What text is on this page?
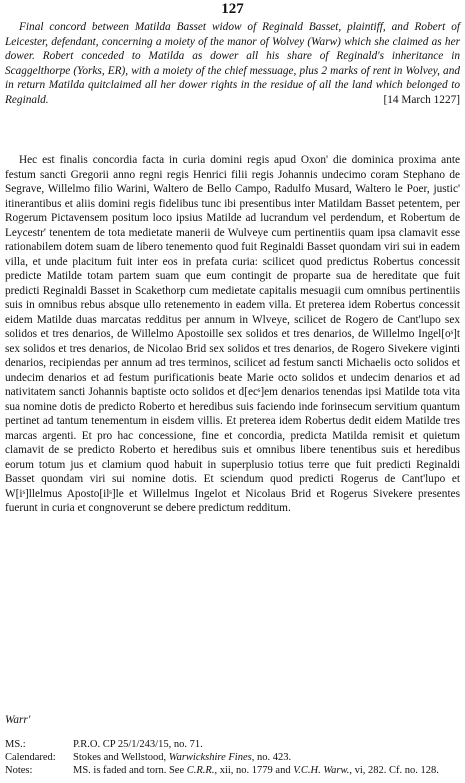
127

Final concord between Matilda Basset widow of Reginald Basset, plaintiff, and Robert of Leicester, defendant, concerning a moiety of the manor of Wolvey (Warw) which she claimed as her dower. Robert conceded to Matilda as dower all his share of Reginald's inheritance in Scaggelthorpe (Yorks, ER), with a moiety of the chief messuage, plus 2 marks of rent in Wolvey, and in return Matilda quitclaimed all her dower rights in the residue of all the land which belonged to Reginald.	[14 March 1227]

Hec est finalis concordia facta in curia domini regis apud Oxon' die dominica proxima ante festum sancti Gregorii anno regni regis Henrici filii regis Johannis undecimo coram Stephano de Segrave, Willelmo filio Warini, Waltero de Bello Campo, Radulfo Musard, Waltero le Poer, justic' itinerantibus et aliis domini regis fidelibus tunc ibi presentibus inter Matildam Basset petentem, per Rogerum Pictavensem positum loco ipsius Matilde ad lucrandum vel perdendum, et Robertum de Leycestr' tenentem de tota medietate manerii de Wulveye cum pertinentiis quam ipsa clamavit esse rationabilem dotem suam de libero tenemento quod fuit Reginaldi Basset quondam viri sui in eadem villa, et unde placitum fuit inter eos in prefata curia: scilicet quod predictus Robertus concessit predicte Matilde totam partem suam que eum contingit de proparte sua de hereditate que fuit predicti Reginaldi Basset in Scakethorp cum medietate capitalis mesuagii cum omnibus pertinentiis suis in omnibus rebus absque ullo retenemento in eadem villa. Et preterea idem Robertus concessit eidem Matilde duas marcatas redditus per annum in Wlveye, scilicet de Rogero de Cant'lupo sex solidos et tres denarios, de Willelmo Apostoille sex solidos et tres denarios, de Willelmo Ingel[oˢ]t sex solidos et tres denarios, de Nicolao Brid sex solidos et tres denarios, de Rogero Sivekere viginti denarios, recipiendas per annum ad tres terminos, scilicet ad festum sancti Michaelis octo solidos et undecim denarios et ad festum purificationis beate Marie octo solidos et undecim denarios et ad nativitatem sancti Johannis baptiste octo solidos et d[ecˢ]em denarios tenendas ipsi Matilde tota vita sua nomine dotis de predicto Roberto et heredibus suis faciendo inde forinsecum servitium quantum pertinet ad tantum tenementum in eisdem villis. Et preterea idem Robertus dedit eidem Matilde tres marcas argenti. Et pro hac concessione, fine et concordia, predicta Matilda remisit et quietum clamavit de se predicto Roberto et heredibus suis et omnibus libere tenentibus suis et heredibus eorum totum jus et clamium quod habuit in superplusio totius terre que fuit predicti Reginaldi Basset quondam viri sui nomine dotis. Et sciendum quod predicti Rogerus de Cant'lupo et W[iˢ]llelmus Aposto[ilˢ]le et Willelmus Ingelot et Nicolaus Brid et Rogerus Sivekere presentes fuerunt in curia et congnoverunt se debere predictum redditum.

Warr'

MS.:	P.R.O. CP 25/1/243/15, no. 71.
Calendared:	Stokes and Wellstood, Warwickshire Fines, no. 423.
Notes:	MS. is faded and torn. See C.R.R., xii, no. 1779 and V.C.H. Warw., vi, 282. Cf. no. 128.
